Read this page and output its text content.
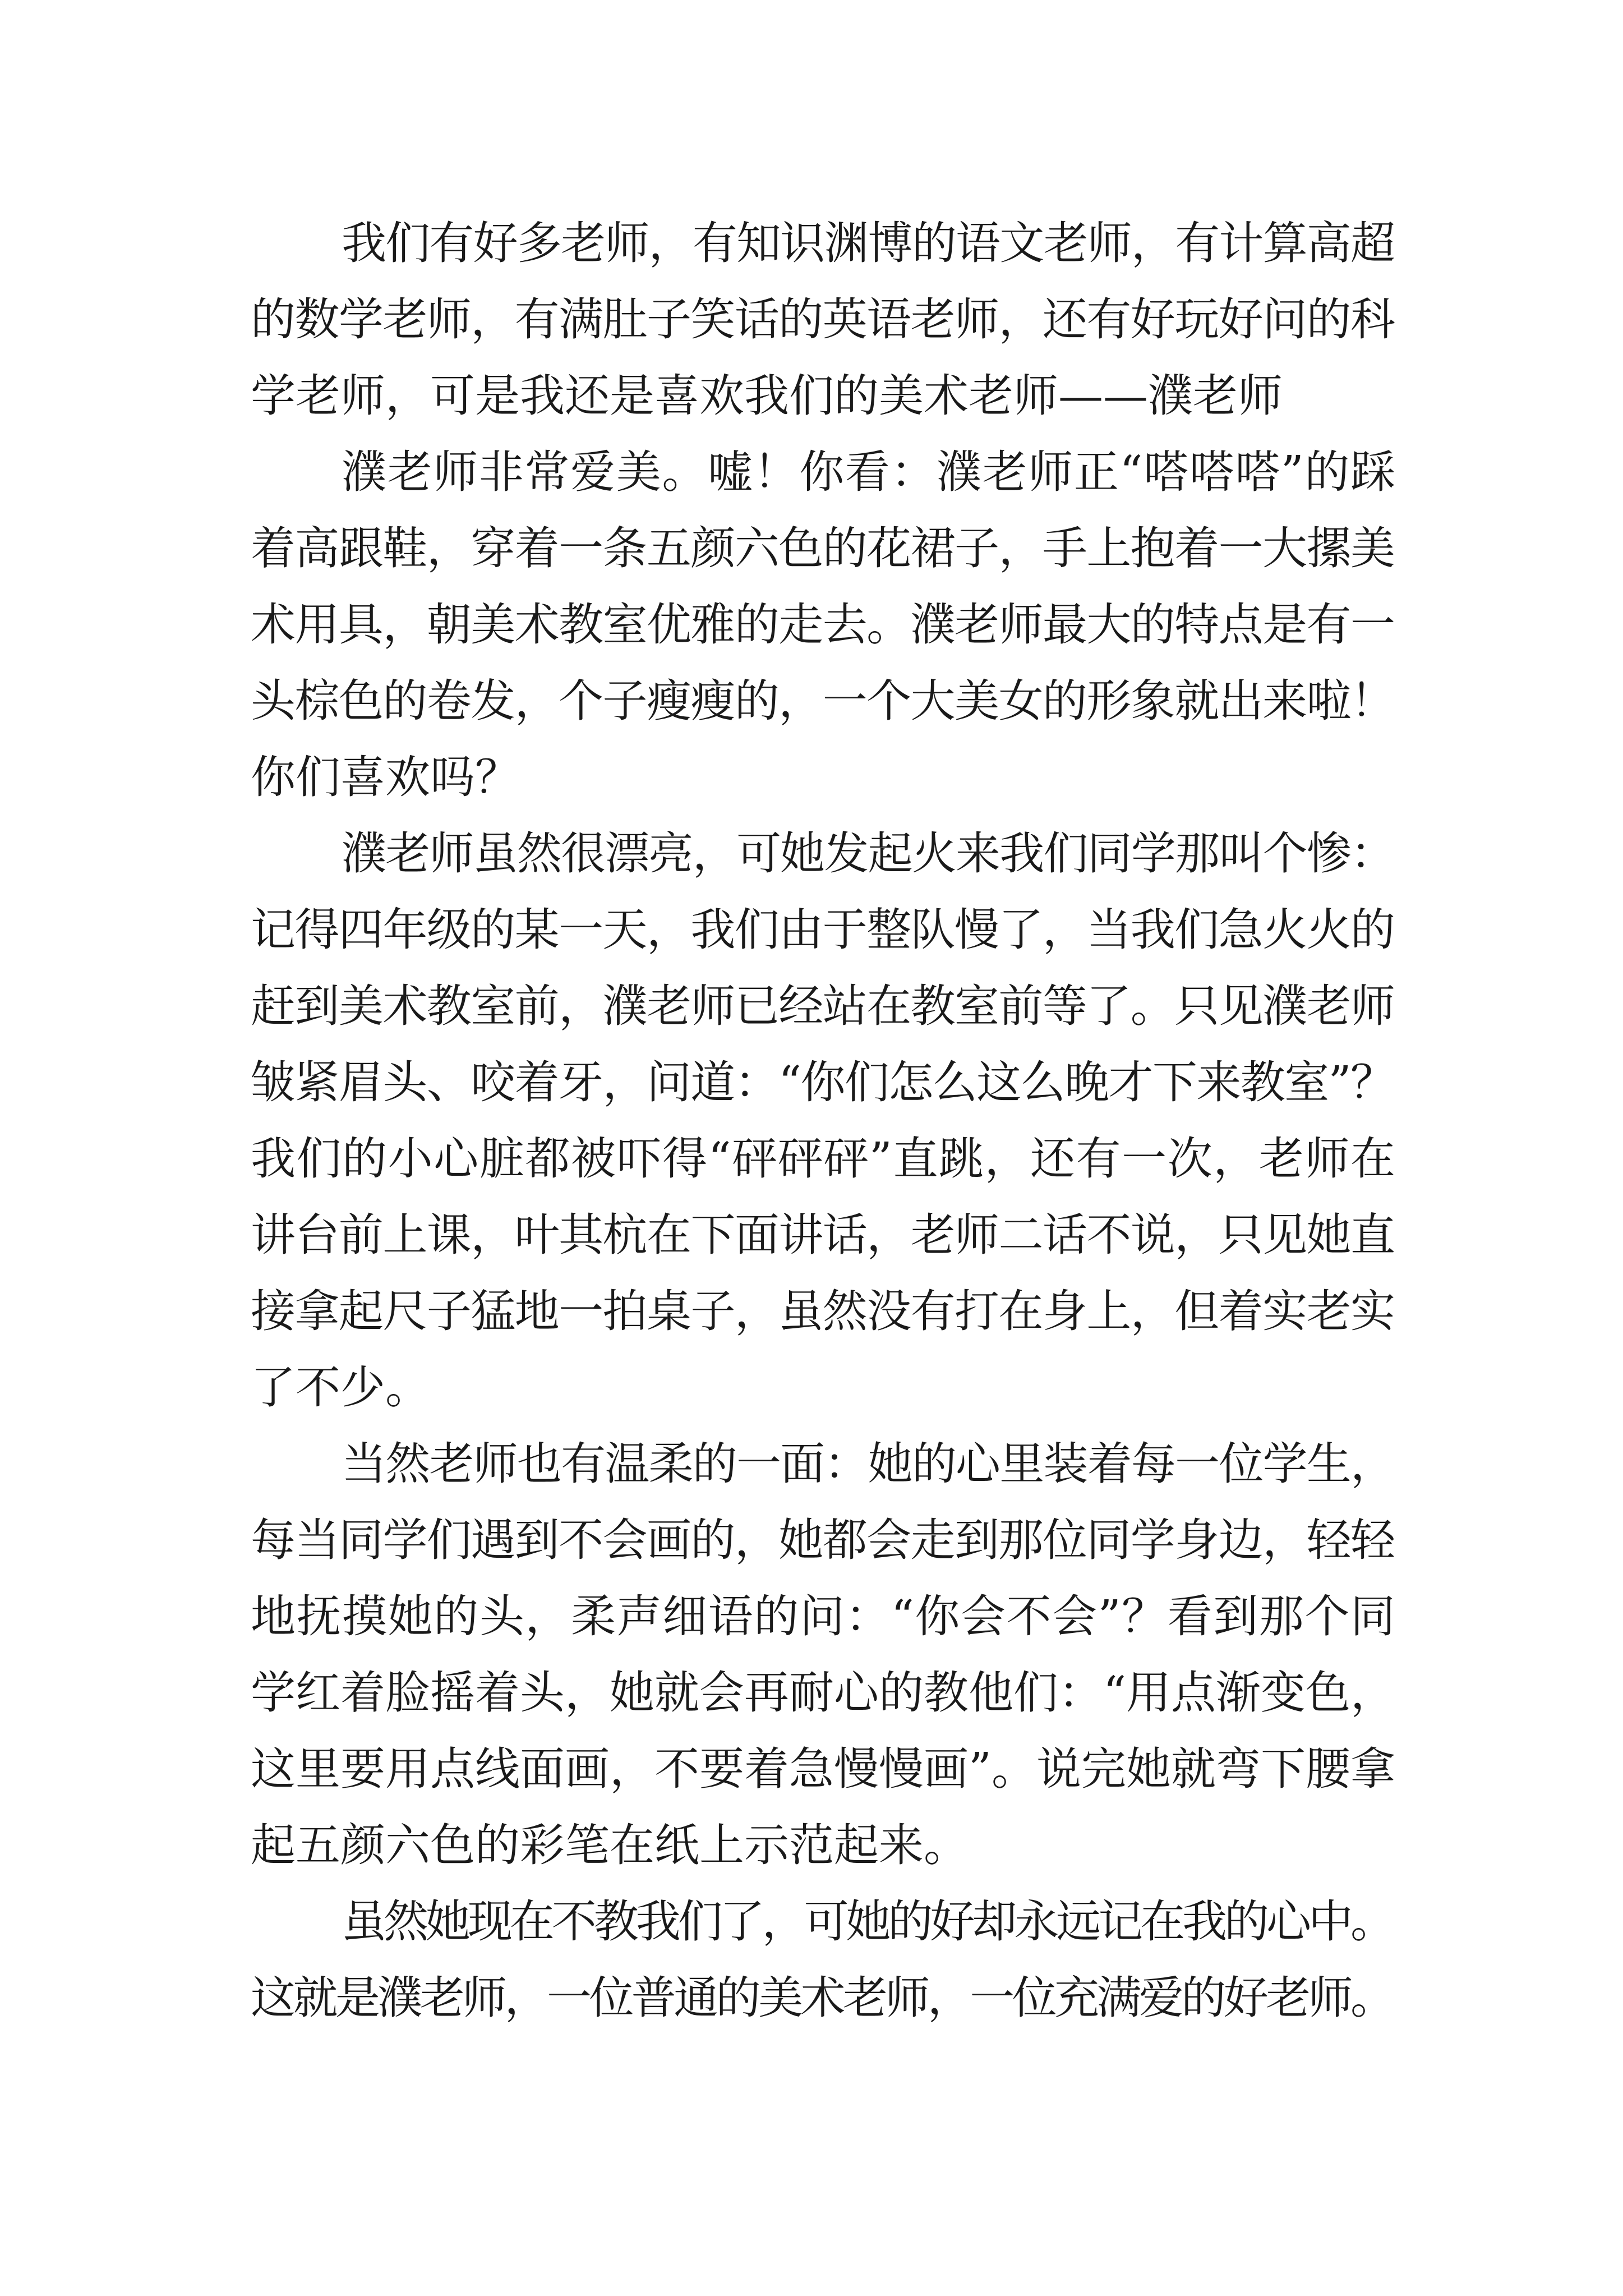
我们有好多老师，有知识渊博的语文老师，有计算高超
的数学老师，有满肚子笑话的英语老师，还有好玩好问的科
学老师，可是我还是喜欢我们的美术老师——濮老师
濮老师非常爱美。嘘！你看：濮老师正“嗒嗒嗒”的踩
着高跟鞋，穿着一条五颜六色的花裙子，手上抱着一大摞美
术用具，朝美术教室优雅的走去。濮老师最大的特点是有一
头棕色的卷发，个子瘦瘦的，一个大美女的形象就出来啦！
你们喜欢吗？
濮老师虽然很漂亮，可她发起火来我们同学那叫个惨：
记得四年级的某一天，我们由于整队慢了，当我们急火火的
赶到美术教室前，濮老师已经站在教室前等了。只见濮老师
皱紧眉头、咬着牙，问道：“你们怎么这么晚才下来教室”？
我们的小心脏都被吓得“砰砰砰”直跳，还有一次，老师在
讲台前上课，叶其杭在下面讲话，老师二话不说，只见她直
接拿起尺子猛地一拍桌子，虽然没有打在身上，但着实老实
了不少。
当然老师也有温柔的一面：她的心里装着每一位学生，
每当同学们遇到不会画的，她都会走到那位同学身边，轻轻
地抚摸她的头，柔声细语的问：“你会不会”？看到那个同
学红着脸摇着头，她就会再耐心的教他们：“用点渐变色，
这里要用点线面画，不要着急慢慢画”。说完她就弯下腰拿
起五颜六色的彩笔在纸上示范起来。
虽然她现在不教我们了，可她的好却永远记在我的心中。
这就是濮老师，一位普通的美术老师，一位充满爱的好老师。
